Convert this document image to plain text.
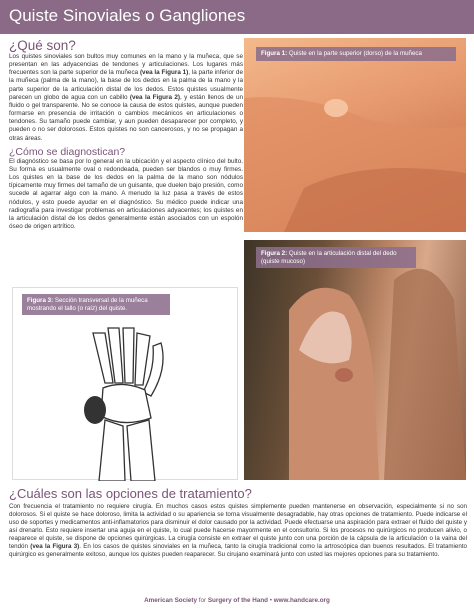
Quiste Sinoviales o Gangliones
¿Qué son?

Los quistes sinoviales son bultos muy comunes en la mano y la muñeca, que se presentan en las adyacencias de tendones y articulaciones. Los lugares más frecuentes son la parte superior de la muñeca (vea la Figura 1), la parte inferior de la muñeca (palma de la mano), la base de los dedos en la palma de la mano y la parte superior de la articulación distal de los dedos. Estos quistes usualmente parecen un globo de agua con un cabillo (vea la Figura 2), y están llenos de un fluido o gel transparente. No se conoce la causa de estos quistes, aunque pueden formarse en presencia de irritación o cambios mecánicos en articulaciones o tendones. Su tamaño puede cambiar, y aun pueden desaparecer por completo, y pueden o no ser dolorosos. Estos quistes no son cancerosos, y no se propagan a otras áreas.

¿Cómo se diagnostican?

El diagnóstico se basa por lo general en la ubicación y el aspecto clínico del bulto. Su forma es usualmente oval o redondeada, pueden ser blandos o muy firmes. Los quistes en la base de los dedos en la palma de la mano son nódulos típicamente muy firmes del tamaño de un guisante, que duelen bajo presión, como sucede al agarrar algo con la mano. A menudo la luz pasa a través de estos nódulos, y esto puede ayudar en el diagnóstico. Su médico puede indicar una radiografía para investigar problemas en articulaciones adyacentes; los quistes en la articulación distal de los dedos generalmente están asociados con un espolón óseo de origen artrítico.

Figura 1: Quiste en la parte superior (dorso) de la muñeca
Figura 2: Quiste en la articulación distal del dedo (quiste mucoso)
Figura 3: Sección transversal de la muñeca mostrando el tallo (o raíz) del quiste.
¿Cuáles son las opciones de tratamiento?

Con frecuencia el tratamiento no requiere cirugía. En muchos casos estos quistes simplemente pueden mantenerse en observación, especialmente si no son dolorosos. Si el quiste se hace doloroso, limita la actividad o su apariencia se torna visualmente desagradable, hay otras opciones de tratamiento. Puede indicarse el uso de soportes y medicamentos anti-inflamatorios para disminuir el dolor causado por la actividad. Puede efectuarse una aspiración para extraer el fluido del quiste y así drenarlo. Esto requiere insertar una aguja en el quiste, lo cual puede hacerse mayormente en el consultorio. Si los procesos no quirúrgicos no producen alivio, o reaparece el quiste, se dispone de opciones quirúrgicas. La cirugía consiste en extraer el quiste junto con una porción de la cápsula de la articulación o la vaina del tendón (vea la Figura 3). En los casos de quistes sinoviales en la muñeca, tanto la cirugía tradicional como la artroscópica dan buenos resultados. El tratamiento quirúrgico es generalmente exitoso, aunque los quistes pueden reaparecer. Su cirujano examinará junto con usted las mejores opciones para su tratamiento.

American Society for Surgery of the Hand • www.handcare.org
